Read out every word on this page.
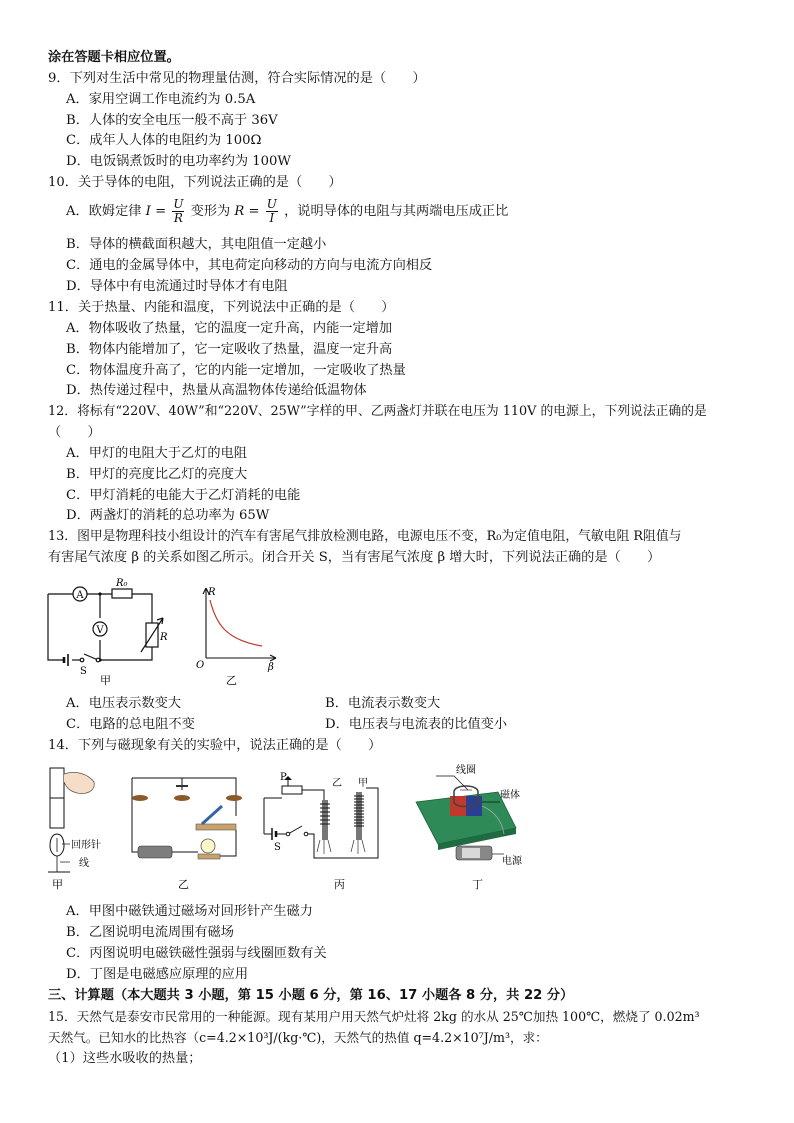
涂在答题卡相应位置。
9．下列对生活中常见的物理量估测，符合实际情况的是（　　）
A．家用空调工作电流约为 0.5A
B．人体的安全电压一般不高于 36V
C．成年人人体的电阻约为 100Ω
D．电饭锅煮饭时的电功率约为 100W
10．关于导体的电阻，下列说法正确的是（　　）
A．欧姆定律 $I = \frac{U}{R}$ 变形为 $R = \frac{U}{I}$ ，说明导体的电阻与其两端电压成正比
B．导体的横截面积越大，其电阻值一定越小
C．通电的金属导体中，其电荷定向移动的方向与电流方向相反
D．导体中有电流通过时导体才有电阻
11．关于热量、内能和温度，下列说法中正确的是（　　）
A．物体吸收了热量，它的温度一定升高，内能一定增加
B．物体内能增加了，它一定吸收了热量，温度一定升高
C．物体温度升高了，它的内能一定增加，一定吸收了热量
D．热传递过程中，热量从高温物体传递给低温物体
12．将标有“220V、40W”和“220V、25W”字样的甲、乙两盏灯并联在电压为 110V 的电源上，下列说法正确的是
（　　）
A．甲灯的电阻大于乙灯的电阻
B．甲灯的亮度比乙灯的亮度大
C．甲灯消耗的电能大于乙灯消耗的电能
D．两盏灯的消耗的总功率为 65W
13．图甲是物理科技小组设计的汽车有害尾气排放检测电路，电源电压不变，R₀为定值电阻，气敏电阻 R阻值与
有害尾气浓度 β 的关系如图乙所示。闭合开关 S，当有害尾气浓度 β 增大时，下列说法正确的是（　　）
A
V
R₀
R
S
甲
R
O	β
乙
A．电压表示数变大	B．电流表示数变大
C．电路的总电阻不变	D．电压表与电流表的比值变小
14．下列与磁现象有关的实验中，说法正确的是（　　）
回形针
线
甲	乙
P
乙 甲
S
丙
线圈
磁体
电源
丁
A．甲图中磁铁通过磁场对回形针产生磁力
B．乙图说明电流周围有磁场
C．丙图说明电磁铁磁性强弱与线圈匝数有关
D．丁图是电磁感应原理的应用
三、计算题（本大题共 3 小题，第 15 小题 6 分，第 16、17 小题各 8 分，共 22 分）
15．天然气是泰安市民常用的一种能源。现有某用户用天然气炉灶将 2kg 的水从 25℃加热 100℃，燃烧了 0.02m³
天然气。已知水的比热容（c=4.2×10³J/(kg·℃)，天然气的热值 q=4.2×10⁷J/m³，求：
（1）这些水吸收的热量；
